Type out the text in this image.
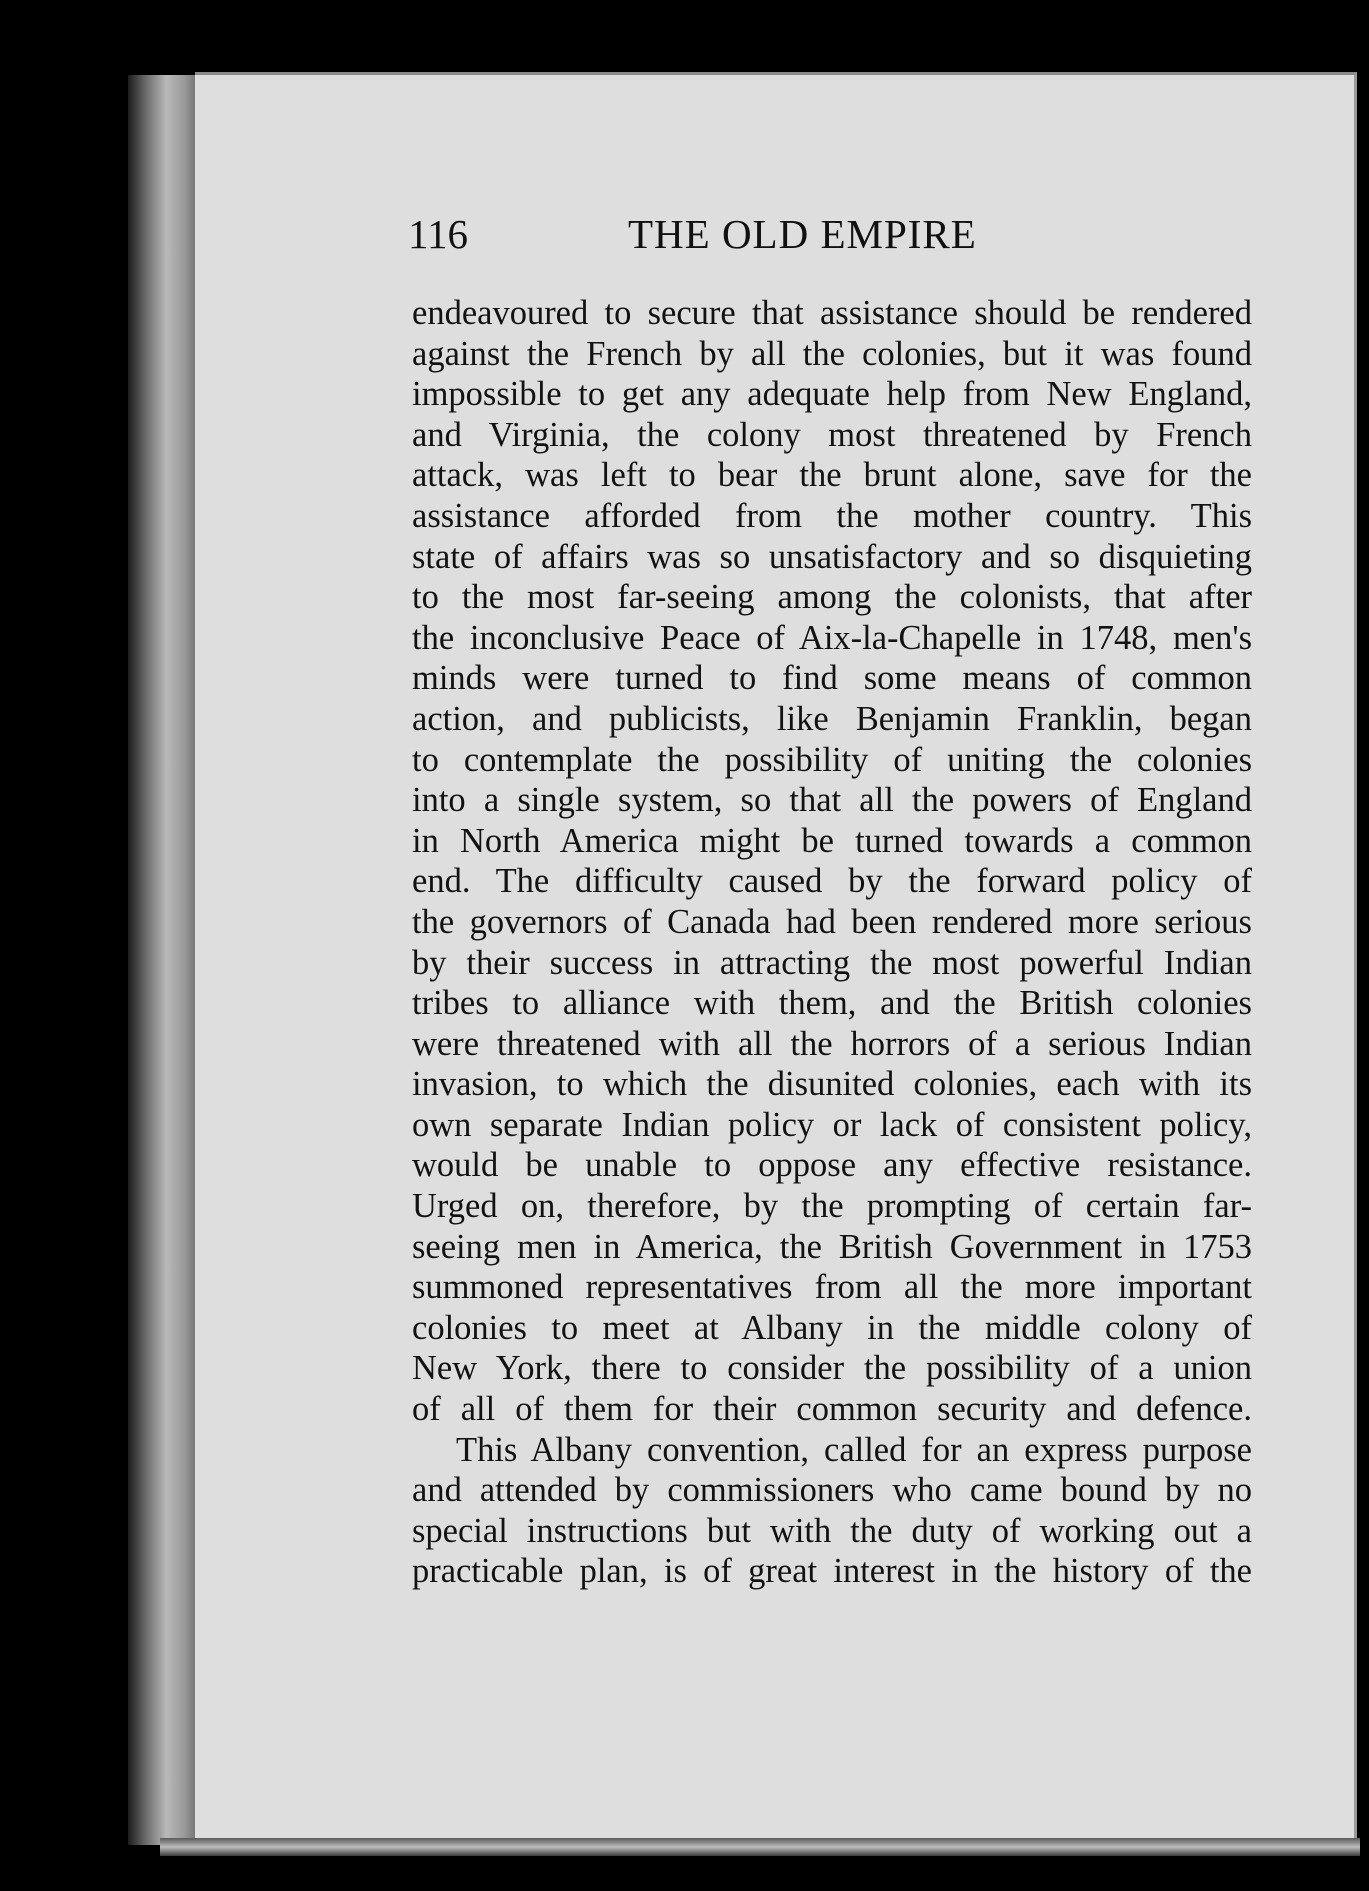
116	THE OLD EMPIRE
endeavoured to secure that assistance should be rendered
against the French by all the colonies, but it was found
impossible to get any adequate help from New England,
and Virginia, the colony most threatened by French
attack, was left to bear the brunt alone, save for the
assistance afforded from the mother country. This
state of affairs was so unsatisfactory and so disquieting
to the most far-seeing among the colonists, that after
the inconclusive Peace of Aix-la-Chapelle in 1748, men's
minds were turned to find some means of common
action, and publicists, like Benjamin Franklin, began
to contemplate the possibility of uniting the colonies
into a single system, so that all the powers of England
in North America might be turned towards a common
end. The difficulty caused by the forward policy of
the governors of Canada had been rendered more serious
by their success in attracting the most powerful Indian
tribes to alliance with them, and the British colonies
were threatened with all the horrors of a serious Indian
invasion, to which the disunited colonies, each with its
own separate Indian policy or lack of consistent policy,
would be unable to oppose any effective resistance.
Urged on, therefore, by the prompting of certain far-
seeing men in America, the British Government in 1753
summoned representatives from all the more important
colonies to meet at Albany in the middle colony of
New York, there to consider the possibility of a union
of all of them for their common security and defence.
This Albany convention, called for an express purpose
and attended by commissioners who came bound by no
special instructions but with the duty of working out a
practicable plan, is of great interest in the history of the
